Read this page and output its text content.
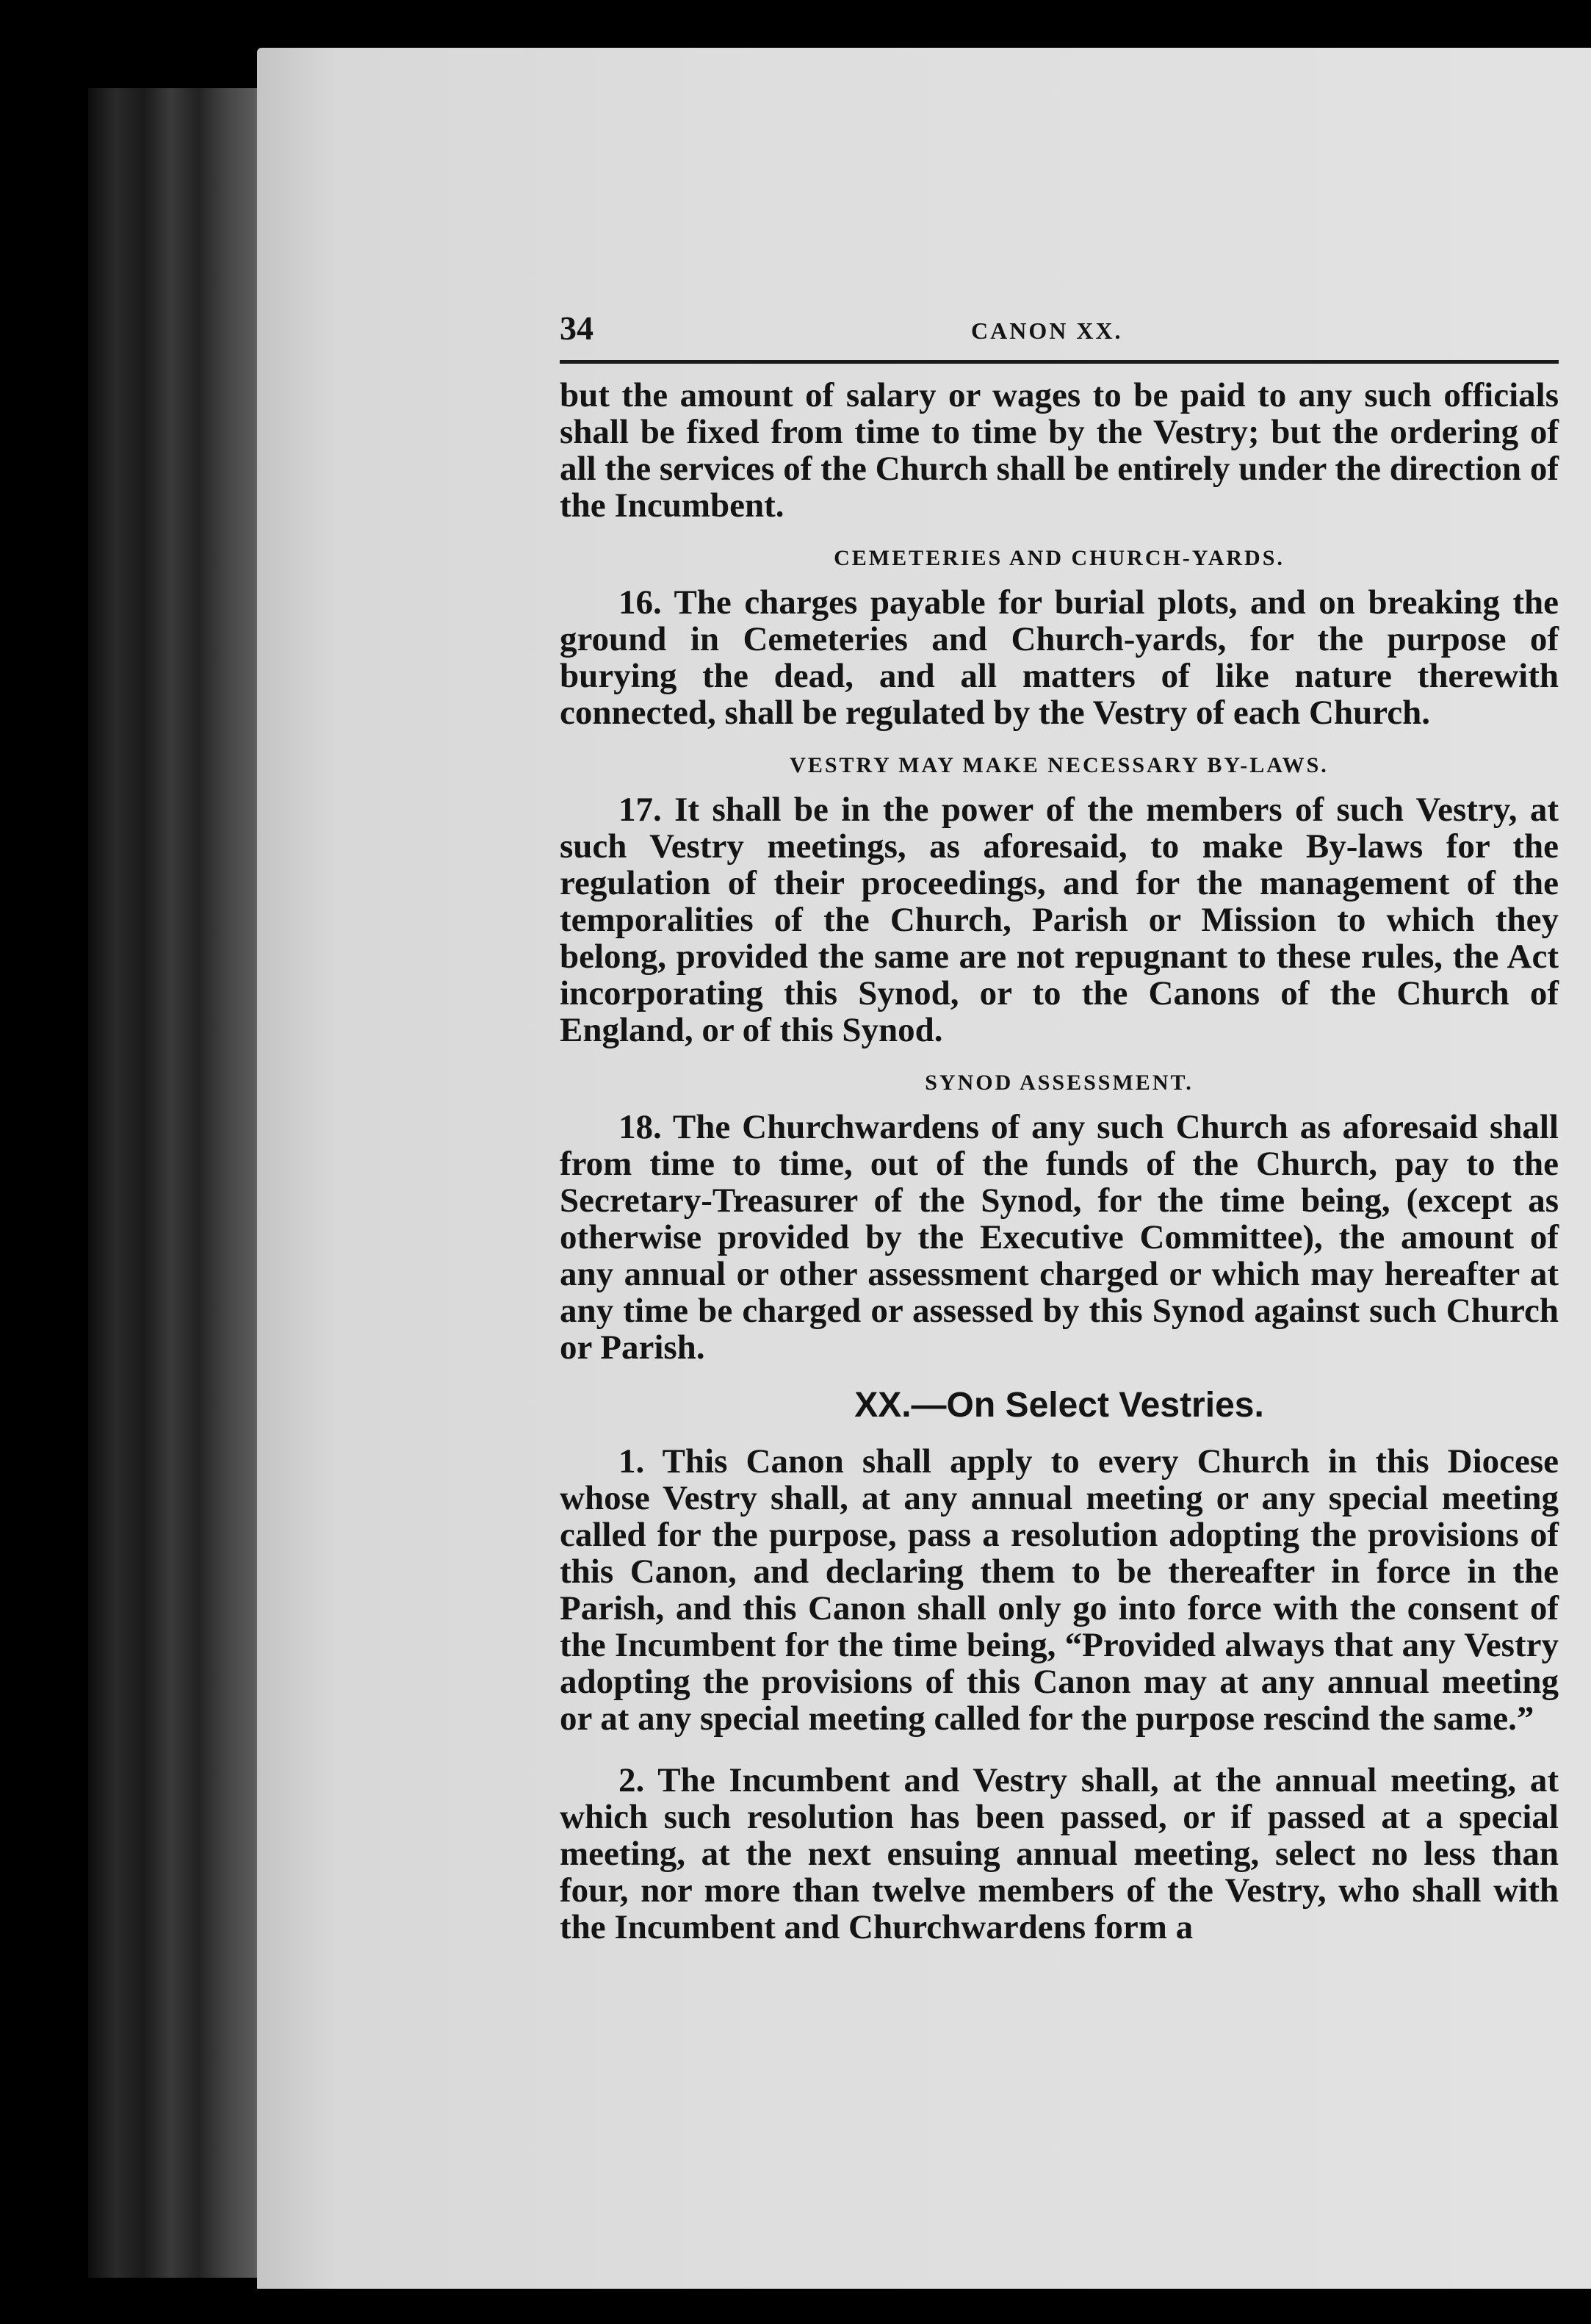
34	CANON XX.

but the amount of salary or wages to be paid to any such officials shall be fixed from time to time by the Vestry; but the ordering of all the services of the Church shall be entirely under the direction of the Incumbent.

CEMETERIES AND CHURCH-YARDS.

16. The charges payable for burial plots, and on breaking the ground in Cemeteries and Church-yards, for the purpose of burying the dead, and all matters of like nature therewith connected, shall be regulated by the Vestry of each Church.

VESTRY MAY MAKE NECESSARY BY-LAWS.

17. It shall be in the power of the members of such Vestry, at such Vestry meetings, as aforesaid, to make By-laws for the regulation of their proceedings, and for the management of the temporalities of the Church, Parish or Mission to which they belong, provided the same are not repugnant to these rules, the Act incorporating this Synod, or to the Canons of the Church of England, or of this Synod.

SYNOD ASSESSMENT.

18. The Churchwardens of any such Church as aforesaid shall from time to time, out of the funds of the Church, pay to the Secretary-Treasurer of the Synod, for the time being, (except as otherwise provided by the Executive Committee), the amount of any annual or other assessment charged or which may hereafter at any time be charged or assessed by this Synod against such Church or Parish.

XX.—On Select Vestries.

1. This Canon shall apply to every Church in this Diocese whose Vestry shall, at any annual meeting or any special meeting called for the purpose, pass a resolution adopting the provisions of this Canon, and declaring them to be thereafter in force in the Parish, and this Canon shall only go into force with the consent of the Incumbent for the time being, “Provided always that any Vestry adopting the provisions of this Canon may at any annual meeting or at any special meeting called for the purpose rescind the same.”

2. The Incumbent and Vestry shall, at the annual meeting, at which such resolution has been passed, or if passed at a special meeting, at the next ensuing annual meeting, select no less than four, nor more than twelve members of the Vestry, who shall with the Incumbent and Churchwardens form a
